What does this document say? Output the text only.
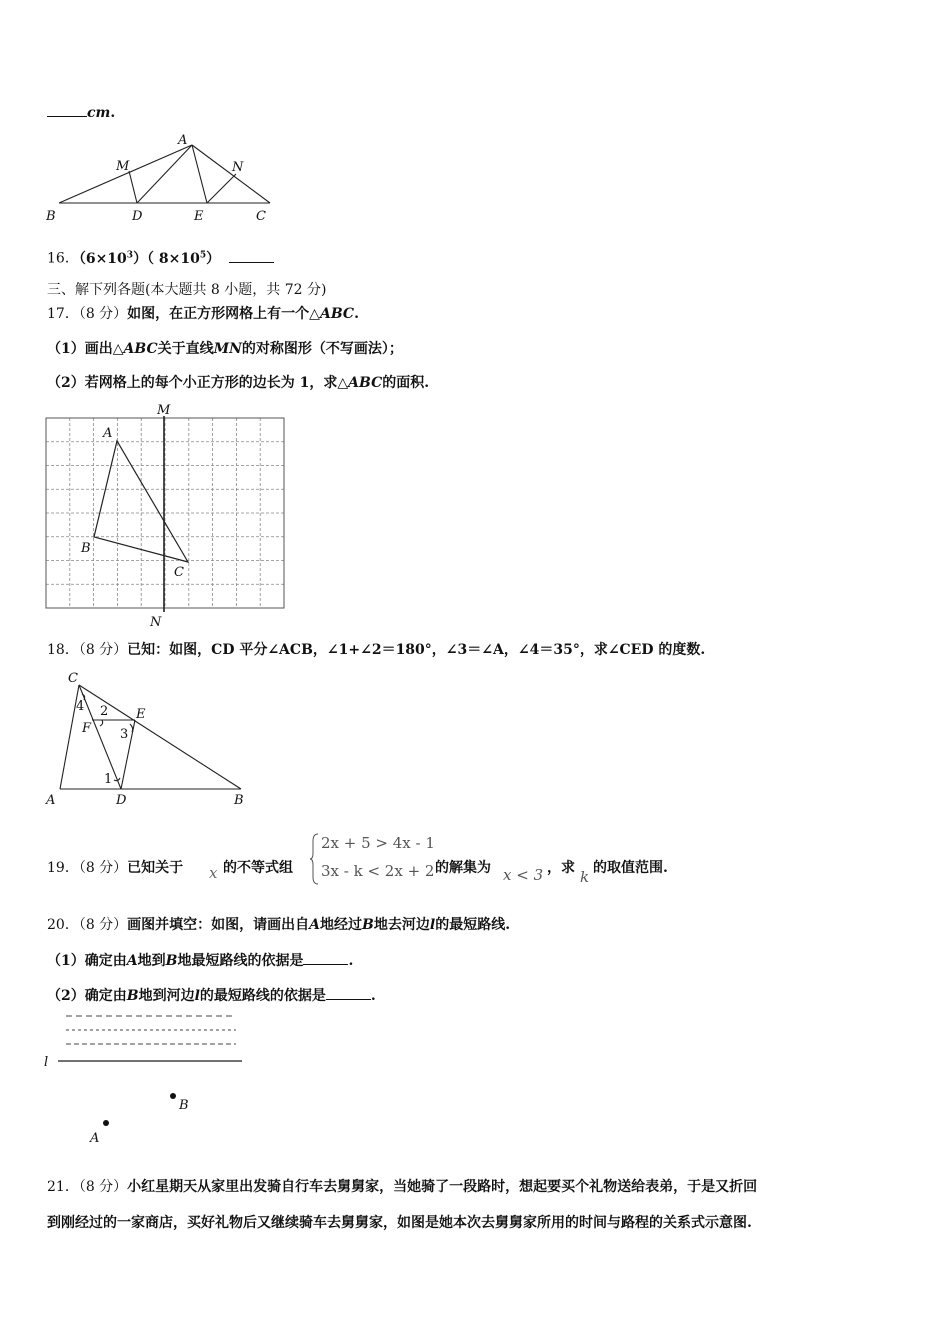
cm.
A
M	N
B	D	E	C
16．$(6\times 10^3)$（ $8\times 10^5$）
三、解下列各题(本大题共 8 小题，共 72 分)
17．（8 分）如图，在正方形网格上有一个△ABC.
（1）画出△ABC关于直线MN的对称图形（不写画法）；
（2）若网格上的每个小正方形的边长为 1，求△ABC的面积.
M
N
A
B
C
18．（8 分）已知：如图，CD 平分∠ACB，∠1+∠2＝180°，∠3＝∠A，∠4＝35°，求∠CED 的度数.
C
E
F
A	D	B
4 2
3
1
19．（8 分）已知关于 x 的不等式组
2x + 5 > 4x - 1
3x - k < 2x + 2 的解集为 x < 3 ，求 k 的取值范围.
20．（8 分）画图并填空：如图，请画出自A地经过B地去河边l的最短路线.
（1）确定由A地到B地最短路线的依据是	.
（2）确定由B地到河边l的最短路线的依据是	.
l
B
A
21．（8 分）小红星期天从家里出发骑自行车去舅舅家，当她骑了一段路时，想起要买个礼物送给表弟，于是又折回
到刚经过的一家商店，买好礼物后又继续骑车去舅舅家，如图是她本次去舅舅家所用的时间与路程的关系式示意图.
